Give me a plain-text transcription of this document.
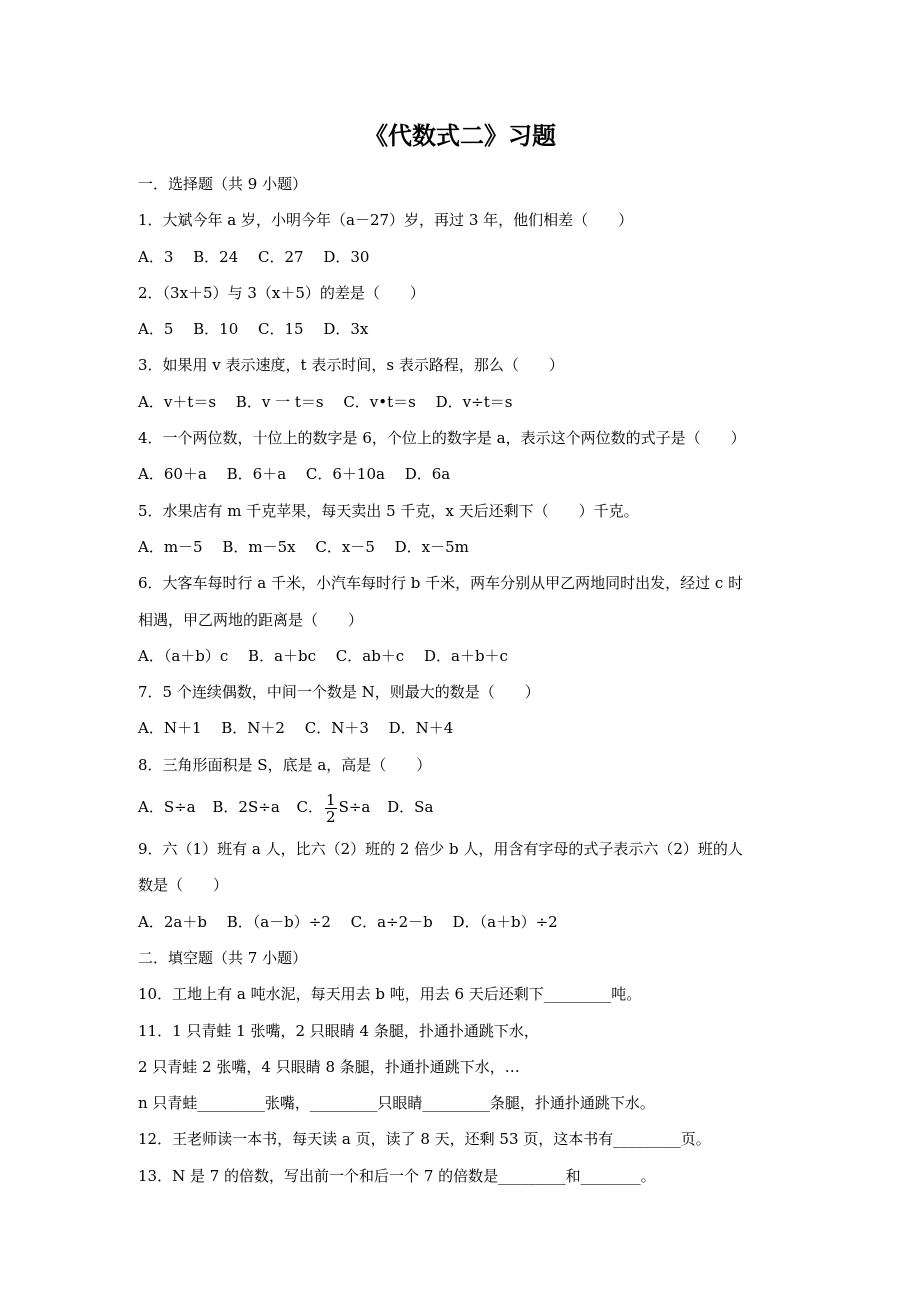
《代数式二》习题
一．选择题（共 9 小题）
1．大斌今年 a 岁，小明今年（a－27）岁，再过 3 年，他们相差（　　）
A．3　 B．24　 C．27　 D．30
2．（3x＋5）与 3（x＋5）的差是（　　）
A．5　 B．10　 C．15　 D．3x
3．如果用 v 表示速度，t 表示时间，s 表示路程，那么（　　）
A．v＋t＝s　 B．v 一 t＝s　 C．v•t＝s　 D．v÷t＝s
4．一个两位数，十位上的数字是 6，个位上的数字是 a，表示这个两位数的式子是（　　）
A．60＋a　 B．6＋a　 C．6＋10a　 D．6a
5．水果店有 m 千克苹果，每天卖出 5 千克，x 天后还剩下（　　）千克。
A．m－5　 B．m－5x　 C．x－5　 D．x－5m
6．大客车每时行 a 千米，小汽车每时行 b 千米，两车分别从甲乙两地同时出发，经过 c 时
相遇，甲乙两地的距离是（　　）
A．（a＋b）c　 B．a＋bc　 C．ab＋c　 D．a＋b＋c
7．5 个连续偶数，中间一个数是 N，则最大的数是（　　）
A．N＋1　 B．N＋2　 C．N＋3　 D．N＋4
8．三角形面积是 S，底是 a，高是（　　）
A．S÷a B．2S÷a C． $\frac{1}{2} S\div a$ D．Sa
9．六（1）班有 a 人，比六（2）班的 2 倍少 b 人，用含有字母的式子表示六（2）班的人
数是（　　）
A．2a＋b　 B．（a－b）÷2　 C．a÷2－b　 D．（a＋b）÷2
二．填空题（共 7 小题）
10．工地上有 a 吨水泥，每天用去 b 吨，用去 6 天后还剩下_________吨。
11．1 只青蛙 1 张嘴，2 只眼睛 4 条腿，扑通扑通跳下水，
2 只青蛙 2 张嘴，4 只眼睛 8 条腿，扑通扑通跳下水，…
n 只青蛙_________张嘴，_________只眼睛_________条腿，扑通扑通跳下水。
12．王老师读一本书，每天读 a 页，读了 8 天，还剩 53 页，这本书有_________页。
13．N 是 7 的倍数，写出前一个和后一个 7 的倍数是_________和________。
